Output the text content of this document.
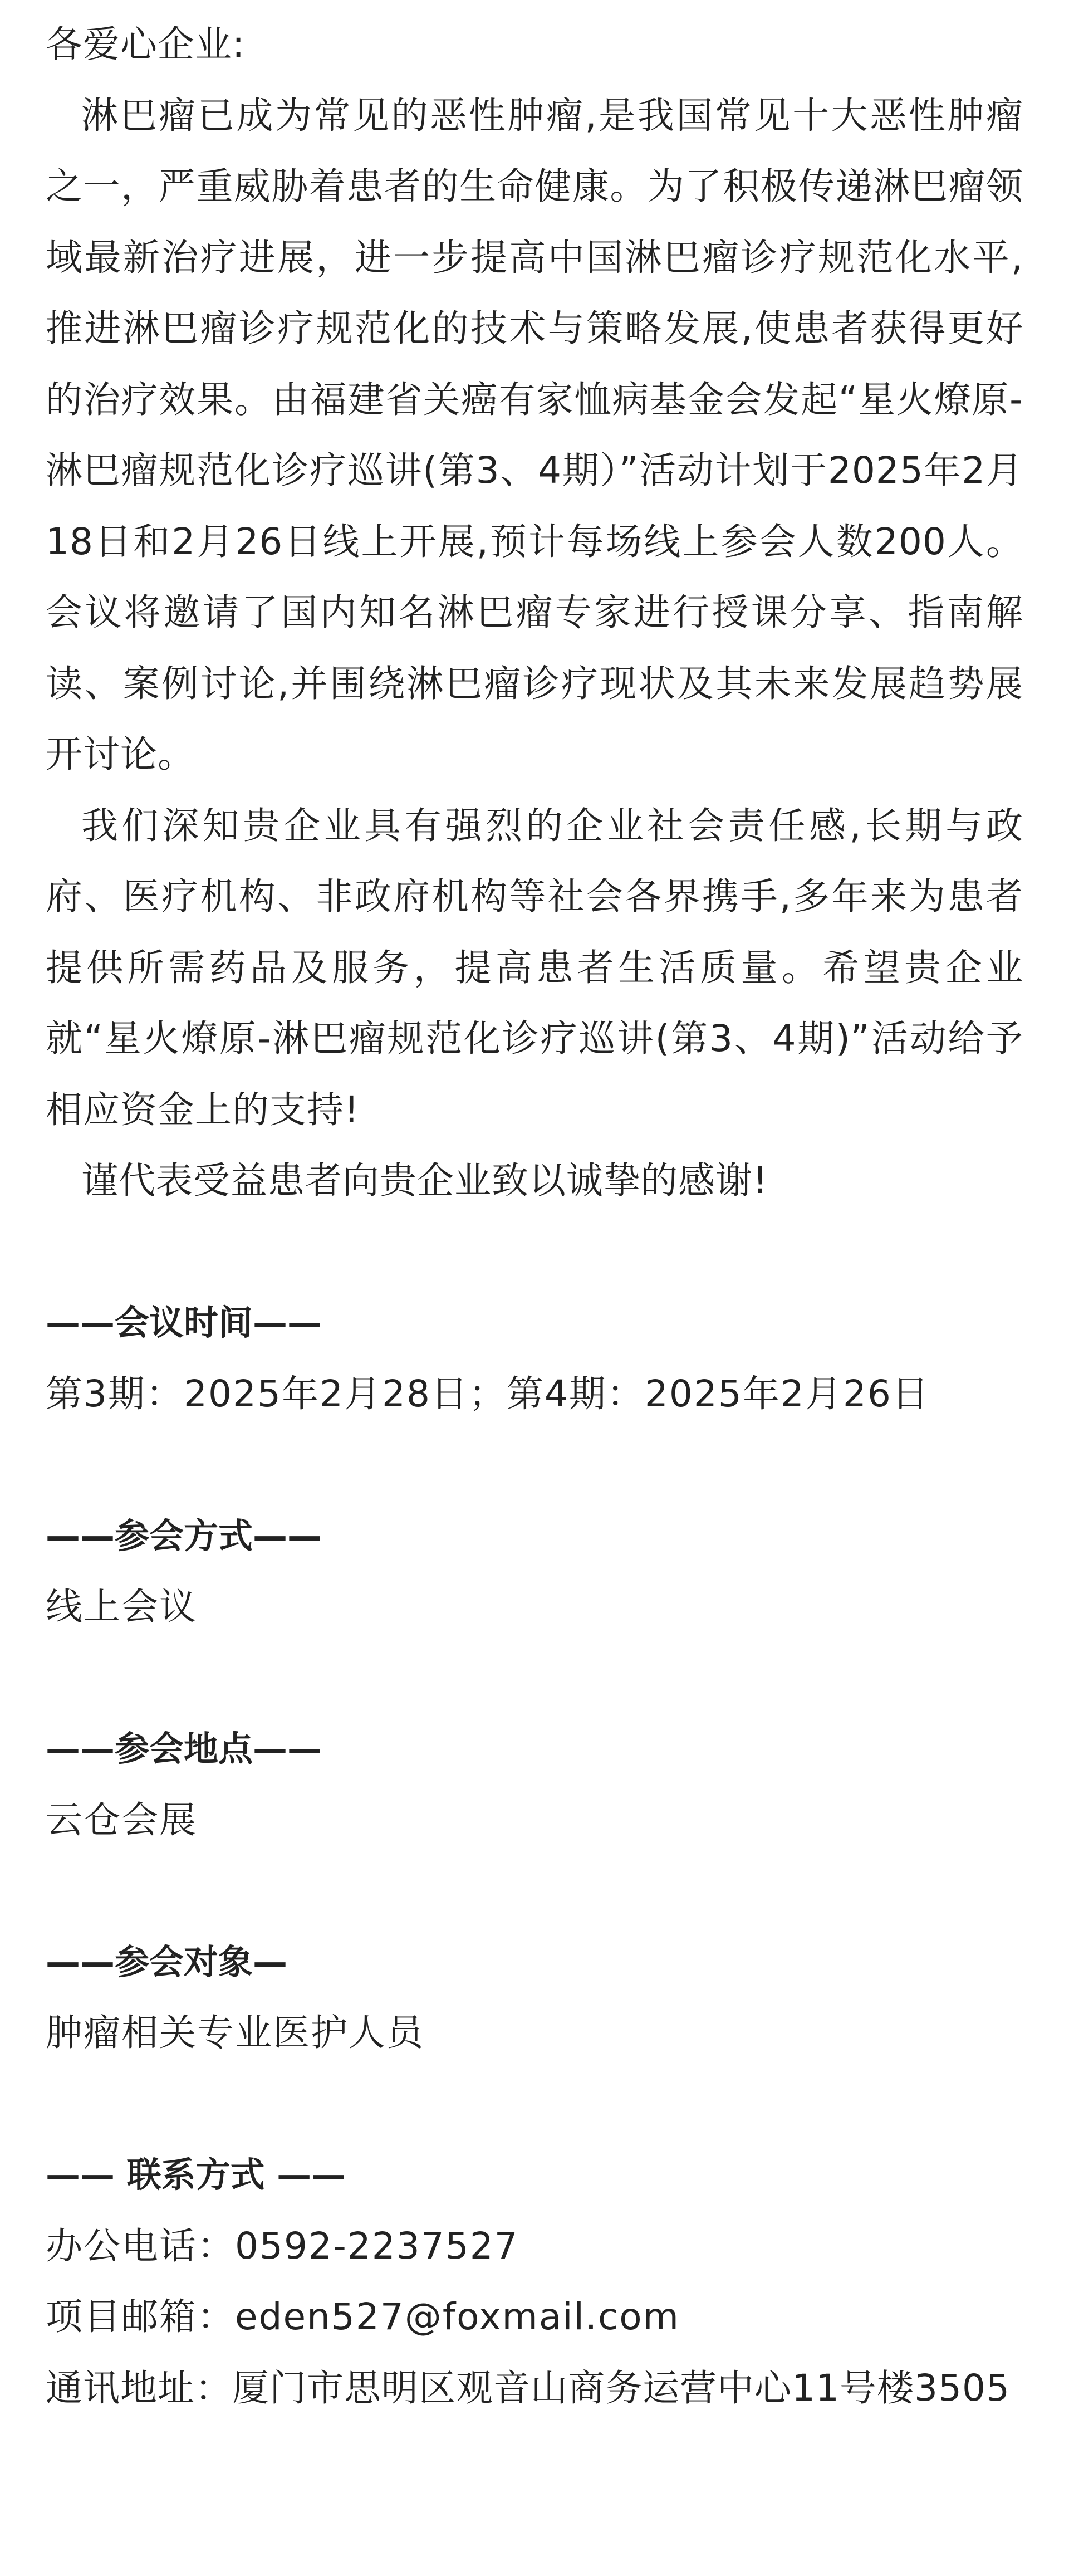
各爱心企业:

淋巴瘤已成为常见的恶性肿瘤,是我国常见十大恶性肿瘤之一，严重威胁着患者的生命健康。为了积极传递淋巴瘤领域最新治疗进展，进一步提高中国淋巴瘤诊疗规范化水平,推进淋巴瘤诊疗规范化的技术与策略发展,使患者获得更好的治疗效果。由福建省关癌有家恤病基金会发起“星火燎原-淋巴瘤规范化诊疗巡讲(第3、4期）”活动计划于2025年2月18日和2月26日线上开展,预计每场线上参会人数200人。会议将邀请了国内知名淋巴瘤专家进行授课分享、指南解读、案例讨论,并围绕淋巴瘤诊疗现状及其未来发展趋势展开讨论。

我们深知贵企业具有强烈的企业社会责任感,长期与政府、医疗机构、非政府机构等社会各界携手,多年来为患者提供所需药品及服务，提高患者生活质量。希望贵企业就“星火燎原-淋巴瘤规范化诊疗巡讲(第3、4期)”活动给予相应资金上的支持!

谨代表受益患者向贵企业致以诚挚的感谢!

——会议时间——

第3期：2025年2月28日；第4期：2025年2月26日

——参会方式——

线上会议

——参会地点——

云仓会展

——参会对象—

肿瘤相关专业医护人员

—— 联系方式 ——

办公电话：0592-2237527

项目邮箱：eden527@foxmail.com

通讯地址：厦门市思明区观音山商务运营中心11号楼3505
